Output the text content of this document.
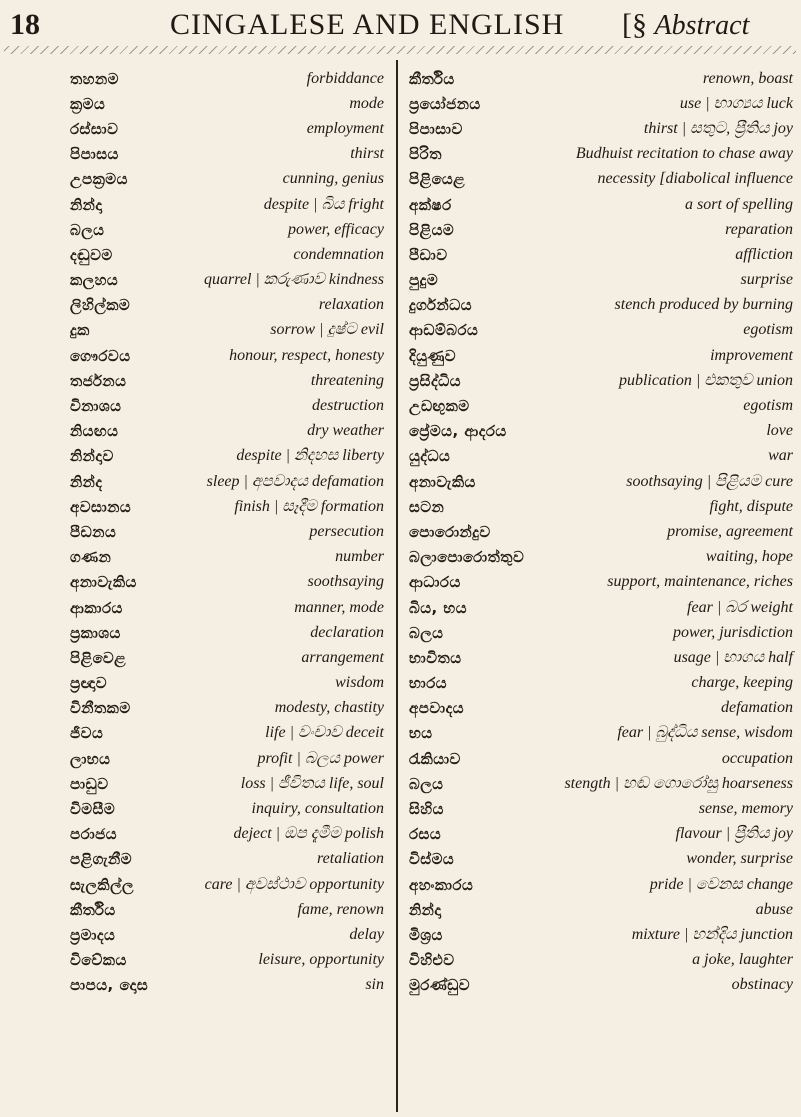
18	CINGALESE AND ENGLISH [§ Abstract
තහනම	forbiddance
ක්‍රමය	mode
රස්සාව	employment
පිපාසය	thirst
උපක්‍රමය	cunning, genius
නින්දා	despite | බිය fright
බලය	power, efficacy
දඬුවම	condemnation
කලහය	quarrel | කරුණාව kindness
ලිහිල්කම	relaxation
දුක	sorrow | දුෂ්ට evil
ගෞරවය	honour, respect, honesty
තර්ජනය	threatening
විනාශය	destruction
නියඟය	dry weather
නින්දාව	despite | නිදහස liberty
නින්ද	sleep | අපවාදය defamation
අවසානය	finish | සෑදීම formation
පීඩනය	persecution
ගණන	number
අනාවැකිය	soothsaying
ආකාරය	manner, mode
ප්‍රකාශය	declaration
පිළිවෙළ	arrangement
ප්‍රඥාව	wisdom
විනීතකම	modesty, chastity
ජීවය	life | වංචාව deceit
ලාභය	profit | බලය power
පාඩුව	loss | ජීවිතය life, soul
විමසීම	inquiry, consultation
පරාජය	deject | ඔප දැමීම polish
පළිගැනීම	retaliation
සැලකිල්ල	care | අවස්ථාව opportunity
කීර්තිය	fame, renown
ප්‍රමාදය	delay
විවේකය	leisure, opportunity
පාපය, දොස	sin
කීර්තිය	renown, boast
ප්‍රයෝජනය	use | භාග්‍යය luck
පිපාසාව	thirst | සතුට, ප්‍රීතිය joy
පිරිත	Budhuist recitation to chase away
පිළියෙළ	necessity [diabolical influence
අක්ෂර	a sort of spelling
පිළියම	reparation
පීඩාව	affliction
පුදුම	surprise
දුර්ගන්ධය	stench produced by burning
ආඩම්බරය	egotism
දියුණුව	improvement
ප්‍රසිද්ධිය	publication | එකතුව union
උඩඟුකම	egotism
ප්‍රේමය, ආදරය	love
යුද්ධය	war
අනාවැකිය	soothsaying | පිළියම cure
සටන	fight, dispute
පොරොන්දුව	promise, agreement
බලාපොරොත්තුව	waiting, hope
ආධාරය	support, maintenance, riches
බිය, භය	fear | බර weight
බලය	power, jurisdiction
භාවිතය	usage | භාගය half
භාරය	charge, keeping
අපවාදය	defamation
භය	fear | බුද්ධිය sense, wisdom
රැකියාව	occupation
බලය	stength | හඬ ගොරෝසු hoarseness
සිහිය	sense, memory
රසය	flavour | ප්‍රීතිය joy
විස්මය	wonder, surprise
අහංකාරය	pride | වෙනස change
නින්දා	abuse
මිශ්‍රය	mixture | හන්දිය junction
විහිළුව	a joke, laughter
මුරණ්ඩුව	obstinacy
